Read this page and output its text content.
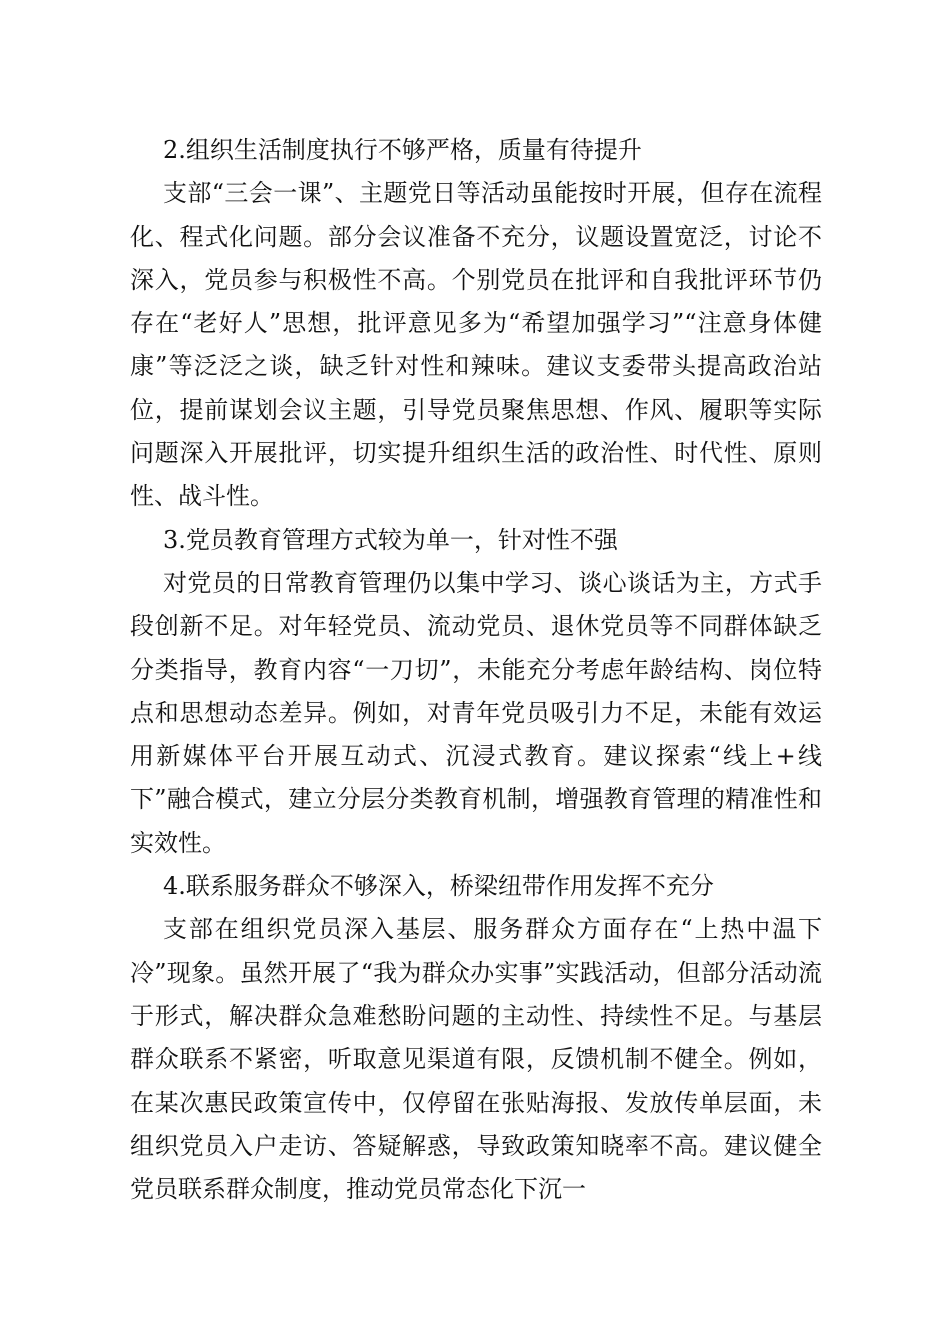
2.组织生活制度执行不够严格，质量有待提升

支部“三会一课”、主题党日等活动虽能按时开展，但存在流程化、程式化问题。部分会议准备不充分，议题设置宽泛，讨论不深入，党员参与积极性不高。个别党员在批评和自我批评环节仍存在“老好人”思想，批评意见多为“希望加强学习”“注意身体健康”等泛泛之谈，缺乏针对性和辣味。建议支委带头提高政治站位，提前谋划会议主题，引导党员聚焦思想、作风、履职等实际问题深入开展批评，切实提升组织生活的政治性、时代性、原则性、战斗性。

3.党员教育管理方式较为单一，针对性不强

对党员的日常教育管理仍以集中学习、谈心谈话为主，方式手段创新不足。对年轻党员、流动党员、退休党员等不同群体缺乏分类指导，教育内容“一刀切”，未能充分考虑年龄结构、岗位特点和思想动态差异。例如，对青年党员吸引力不足，未能有效运用新媒体平台开展互动式、沉浸式教育。建议探索“线上+线下”融合模式，建立分层分类教育机制，增强教育管理的精准性和实效性。

4.联系服务群众不够深入，桥梁纽带作用发挥不充分

支部在组织党员深入基层、服务群众方面存在“上热中温下冷”现象。虽然开展了“我为群众办实事”实践活动，但部分活动流于形式，解决群众急难愁盼问题的主动性、持续性不足。与基层群众联系不紧密，听取意见渠道有限，反馈机制不健全。例如，在某次惠民政策宣传中，仅停留在张贴海报、发放传单层面，未组织党员入户走访、答疑解惑，导致政策知晓率不高。建议健全党员联系群众制度，推动党员常态化下沉一
